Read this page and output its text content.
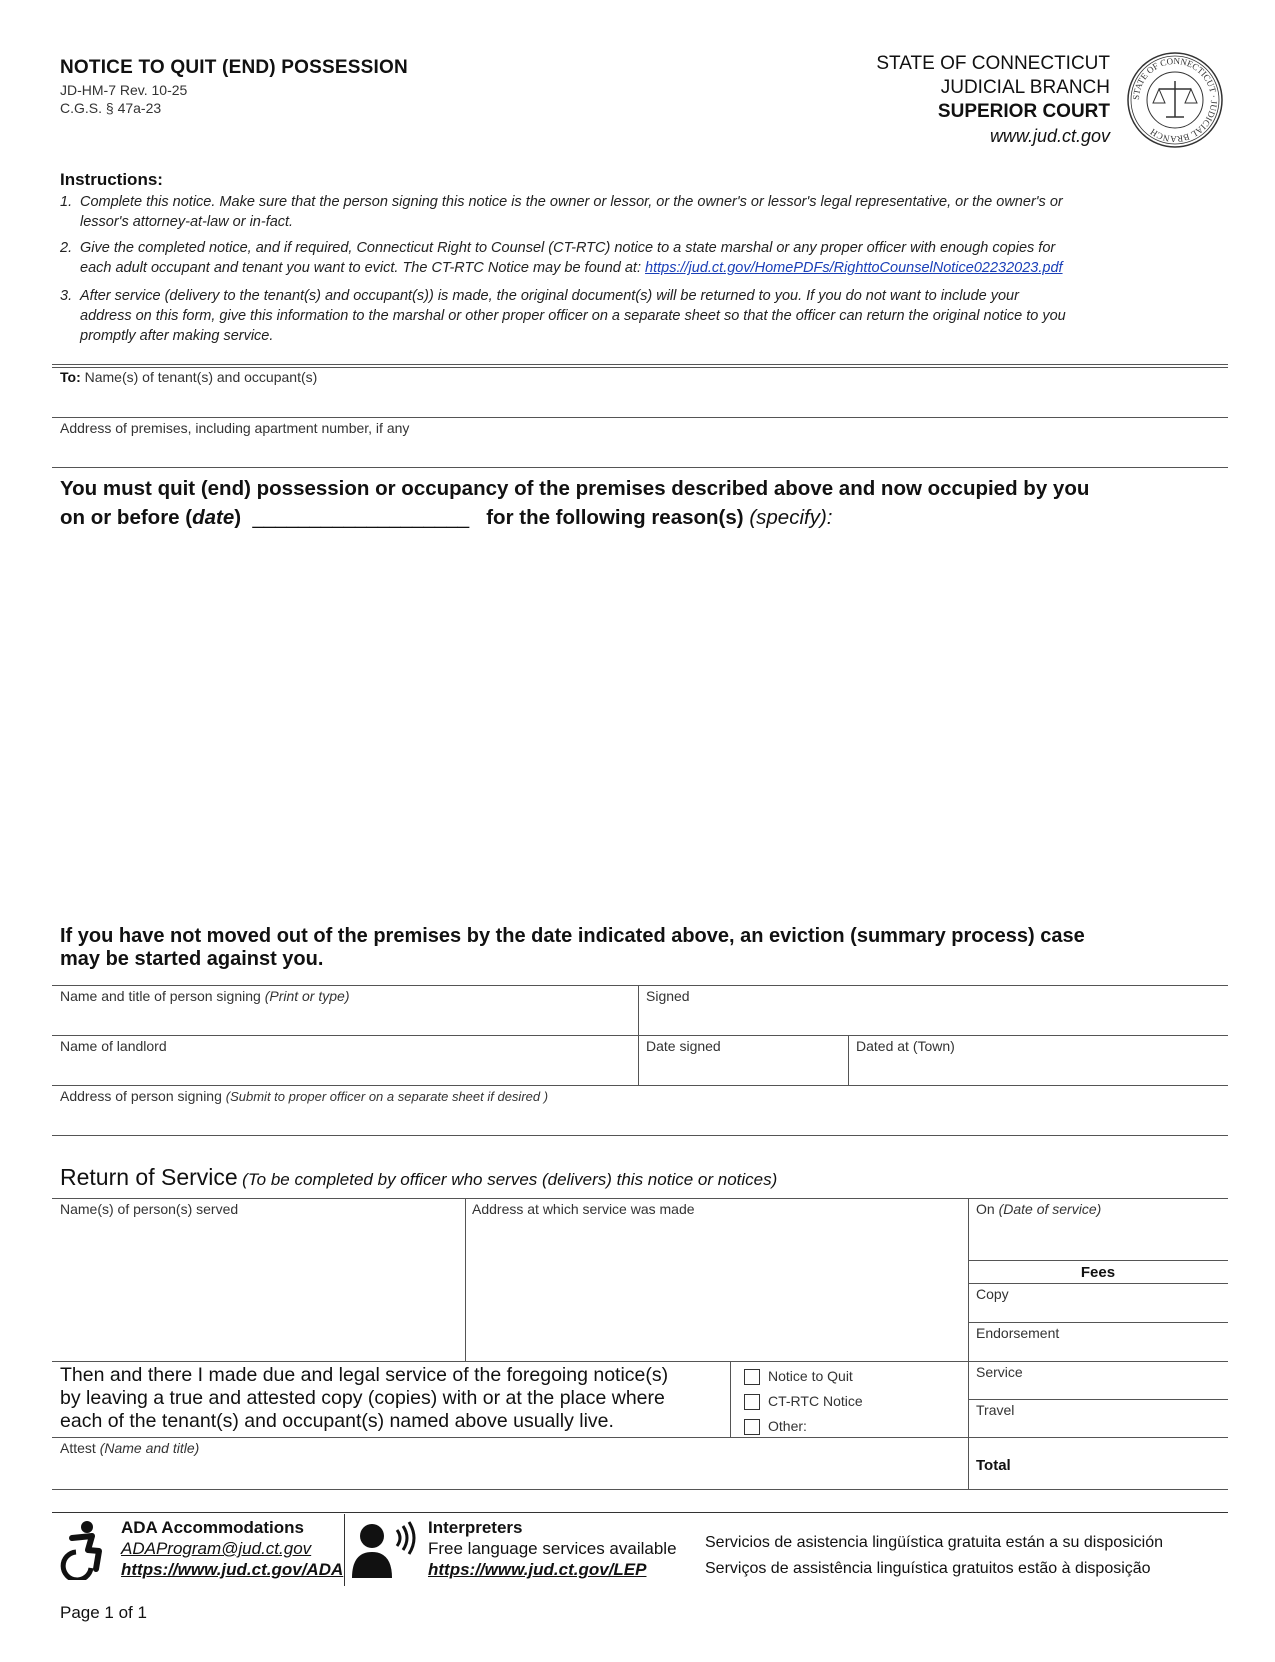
NOTICE TO QUIT (END) POSSESSION
JD-HM-7 Rev. 10-25
C.G.S. § 47a-23
STATE OF CONNECTICUT
JUDICIAL BRANCH
SUPERIOR COURT
www.jud.ct.gov
STATE OF CONNECTICUT · JUDICIAL BRANCH
Instructions:
1. Complete this notice. Make sure that the person signing this notice is the owner or lessor, or the owner's or lessor's legal representative, or the owner's or
lessor's attorney-at-law or in-fact.
2. Give the completed notice, and if required, Connecticut Right to Counsel (CT-RTC) notice to a state marshal or any proper officer with enough copies for
each adult occupant and tenant you want to evict. The CT-RTC Notice may be found at: https://jud.ct.gov/HomePDFs/RighttoCounselNotice02232023.pdf
3. After service (delivery to the tenant(s) and occupant(s)) is made, the original document(s) will be returned to you. If you do not want to include your
address on this form, give this information to the marshal or other proper officer on a separate sheet so that the officer can return the original notice to you
promptly after making service.
To: Name(s) of tenant(s) and occupant(s)
Address of premises, including apartment number, if any
You must quit (end) possession or occupancy of the premises described above and now occupied by you
on or before (date) ___________________ for the following reason(s) (specify):
If you have not moved out of the premises by the date indicated above, an eviction (summary process) case
may be started against you.
Name and title of person signing (Print or type)	Signed
Name of landlord	Date signed	Dated at (Town)
Address of person signing (Submit to proper officer on a separate sheet if desired )
Return of Service (To be completed by officer who serves (delivers) this notice or notices)
Name(s) of person(s) served	Address at which service was made	On (Date of service)
Fees
Copy
Endorsement
Service
Travel
Then and there I made due and legal service of the foregoing notice(s)
by leaving a true and attested copy (copies) with or at the place where
each of the tenant(s) and occupant(s) named above usually live.
Notice to Quit
CT-RTC Notice
Other:
Attest (Name and title)
Total
ADA Accommodations
ADAProgram@jud.ct.gov
https://www.jud.ct.gov/ADA
Interpreters
Free language services available
https://www.jud.ct.gov/LEP
Servicios de asistencia lingüística gratuita están a su disposición
Serviços de assistência linguística gratuitos estão à disposição
Page 1 of 1
